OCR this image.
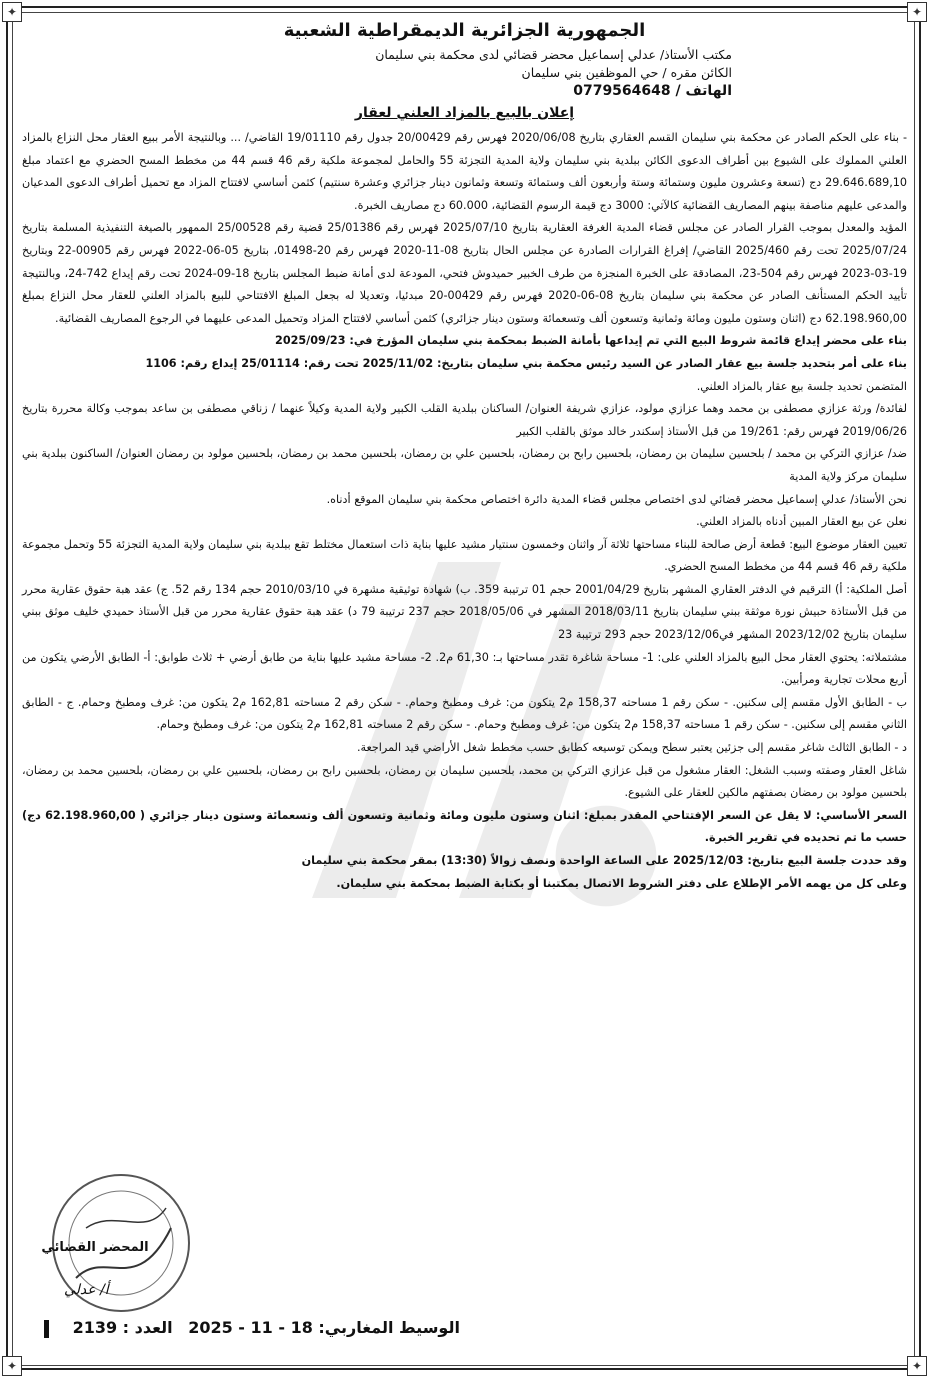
✦	✦
✦	✦
الجمهورية الجزائرية الديمقراطية الشعبية
مكتب الأستاذ/ عدلي إسماعيل محضر قضائي لدى محكمة بني سليمان
الكائن مقره / حي الموظفين بني سليمان
الهاتف / 0779564648
إعلان بالبيع بالمزاد العلني لعقار

- بناء على الحكم الصادر عن محكمة بني سليمان القسم العقاري بتاريخ 2020/06/08 فهرس رقم 20/00429 جدول رقم 19/01110 القاضي/ ... وبالنتيجة الأمر ببيع العقار محل النزاع بالمزاد العلني المملوك على الشيوع بين أطراف الدعوى الكائن ببلدية بني سليمان ولاية المدية التجزئة 55 والحامل لمجموعة ملكية رقم 46 قسم 44 من مخطط المسح الحضري مع اعتماد مبلغ 29.646.689,10 دج (تسعة وعشرون مليون وستمائة وستة وأربعون ألف وستمائة وتسعة وثمانون دينار جزائري وعشرة سنتيم) كثمن أساسي لافتتاح المزاد مع تحميل أطراف الدعوى المدعيان والمدعى عليهم مناصفة بينهم المصاريف القضائية كالآتي: 3000 دج قيمة الرسوم القضائية، 60.000 دج مصاريف الخبرة.

المؤيد والمعدل بموجب القرار الصادر عن مجلس قضاء المدية الغرفة العقارية بتاريخ 2025/07/10 فهرس رقم 25/01386 قضية رقم 25/00528 الممهور بالصيغة التنفيذية المسلمة بتاريخ 2025/07/24 تحت رقم 2025/460 القاضي/ إفراغ القرارات الصادرة عن مجلس الحال بتاريخ 08-11-2020 فهرس رقم 20-01498، بتاريخ 05-06-2022 فهرس رقم 00905-22 وبتاريخ 19-03-2023 فهرس رقم 504-23، المصادقة على الخبرة المنجزة من طرف الخبير حميدوش فتحي، المودعة لدى أمانة ضبط المجلس بتاريخ 18-09-2024 تحت رقم إيداع 742-24، وبالنتيجة تأييد الحكم المستأنف الصادر عن محكمة بني سليمان بتاريخ 08-06-2020 فهرس رقم 00429-20 مبدئيا، وتعديلا له بجعل المبلغ الافتتاحي للبيع بالمزاد العلني للعقار محل النزاع بمبلغ 62.198.960,00 دج (اثنان وستون مليون ومائة وثمانية وتسعون ألف وتسعمائة وستون دينار جزائري) كثمن أساسي لافتتاح المزاد وتحميل المدعى عليهما في الرجوع المصاريف القضائية.

بناء على محضر إيداع قائمة شروط البيع التي تم إيداعها بأمانة الضبط بمحكمة بني سليمان المؤرخ في: 2025/09/23

بناء على أمر بتحديد جلسة بيع عقار الصادر عن السيد رئيس محكمة بني سليمان بتاريخ: 2025/11/02 تحت رقم: 25/01114 إيداع رقم: 1106

المتضمن تحديد جلسة بيع عقار بالمزاد العلني.

لفائدة/ ورثة عزازي مصطفى بن محمد وهما عزازي مولود، عزازي شريفة العنوان/ الساكنان ببلدية القلب الكبير ولاية المدية وكيلاً عنهما / زناقي مصطفى بن ساعد بموجب وكالة محررة بتاريخ 2019/06/26 فهرس رقم: 19/261 من قبل الأستاذ إسكندر خالد موثق بالقلب الكبير

ضد/ عزازي التركي بن محمد / بلحسين سليمان بن رمضان، بلحسين رابح بن رمضان، بلحسين علي بن رمضان، بلحسين محمد بن رمضان، بلحسين مولود بن رمضان العنوان/ الساكنون ببلدية بني سليمان مركز ولاية المدية

نحن الأستاذ/ عدلي إسماعيل محضر قضائي لدى اختصاص مجلس قضاء المدية دائرة اختصاص محكمة بني سليمان الموقع أدناه.

نعلن عن بيع العقار المبين أدناه بالمزاد العلني.

تعيين العقار موضوع البيع: قطعة أرض صالحة للبناء مساحتها ثلاثة آر واثنان وخمسون سنتيار مشيد عليها بناية ذات استعمال مختلط تقع ببلدية بني سليمان ولاية المدية التجزئة 55 وتحمل مجموعة ملكية رقم 46 قسم 44 من مخطط المسح الحضري.

أصل الملكية: أ) الترقيم في الدفتر العقاري المشهر بتاريخ 2001/04/29 حجم 01 ترتيبة 359. ب) شهادة توثيقية مشهرة في 2010/03/10 حجم 134 رقم 52. ج) عقد هبة حقوق عقارية محرر من قبل الأستاذة حبيش نورة موثقة ببني سليمان بتاريخ 2018/03/11 المشهر في 2018/05/06 حجم 237 ترتيبة 79 د) عقد هبة حقوق عقارية محرر من قبل الأستاذ حميدي خليف موثق ببني سليمان بتاريخ 2023/12/02 المشهر في2023/12/06 حجم 293 ترتيبة 23

مشتملاته: يحتوي العقار محل البيع بالمزاد العلني على: 1- مساحة شاغرة تقدر مساحتها بـ: 61,30 م2. 2- مساحة مشيد عليها بناية من طابق أرضي + ثلاث طوابق: أ- الطابق الأرضي يتكون من أربع محلات تجارية ومرأبين.

ب - الطابق الأول مقسم إلى سكنين. - سكن رقم 1 مساحته 158,37 م2 يتكون من: غرف ومطبخ وحمام. - سكن رقم 2 مساحته 162,81 م2 يتكون من: غرف ومطبخ وحمام. ج - الطابق الثاني مقسم إلى سكنين. - سكن رقم 1 مساحته 158,37 م2 يتكون من: غرف ومطبخ وحمام. - سكن رقم 2 مساحته 162,81 م2 يتكون من: غرف ومطبخ وحمام.

د - الطابق الثالث شاغر مقسم إلى جزئين يعتبر سطح ويمكن توسيعه كطابق حسب مخطط شغل الأراضي قيد المراجعة.

شاغل العقار وصفته وسبب الشغل: العقار مشغول من قبل عزازي التركي بن محمد، بلحسين سليمان بن رمضان، بلحسين رابح بن رمضان، بلحسين علي بن رمضان، بلحسين محمد بن رمضان، بلحسين مولود بن رمضان بصفتهم مالكين للعقار على الشيوع.

السعر الأساسي: لا يقل عن السعر الإفتتاحي المقدر بمبلغ: اثنان وستون مليون ومائة وثمانية وتسعون ألف وتسعمائة وستون دينار جزائري ( 62.198.960,00 دج) حسب ما تم تحديده في تقرير الخبرة.

وقد حددت جلسة البيع بتاريخ: 2025/12/03 على الساعة الواحدة ونصف زوالاً (13:30) بمقر محكمة بني سليمان

وعلى كل من يهمه الأمر الإطلاع على دفتر الشروط الاتصال بمكتبنا أو بكتابة الضبط بمحكمة بني سليمان.

المحضر القضائي
أ/ عدلي
الوسيط المغاربي: 18 - 11 - 2025 العدد : 2139
